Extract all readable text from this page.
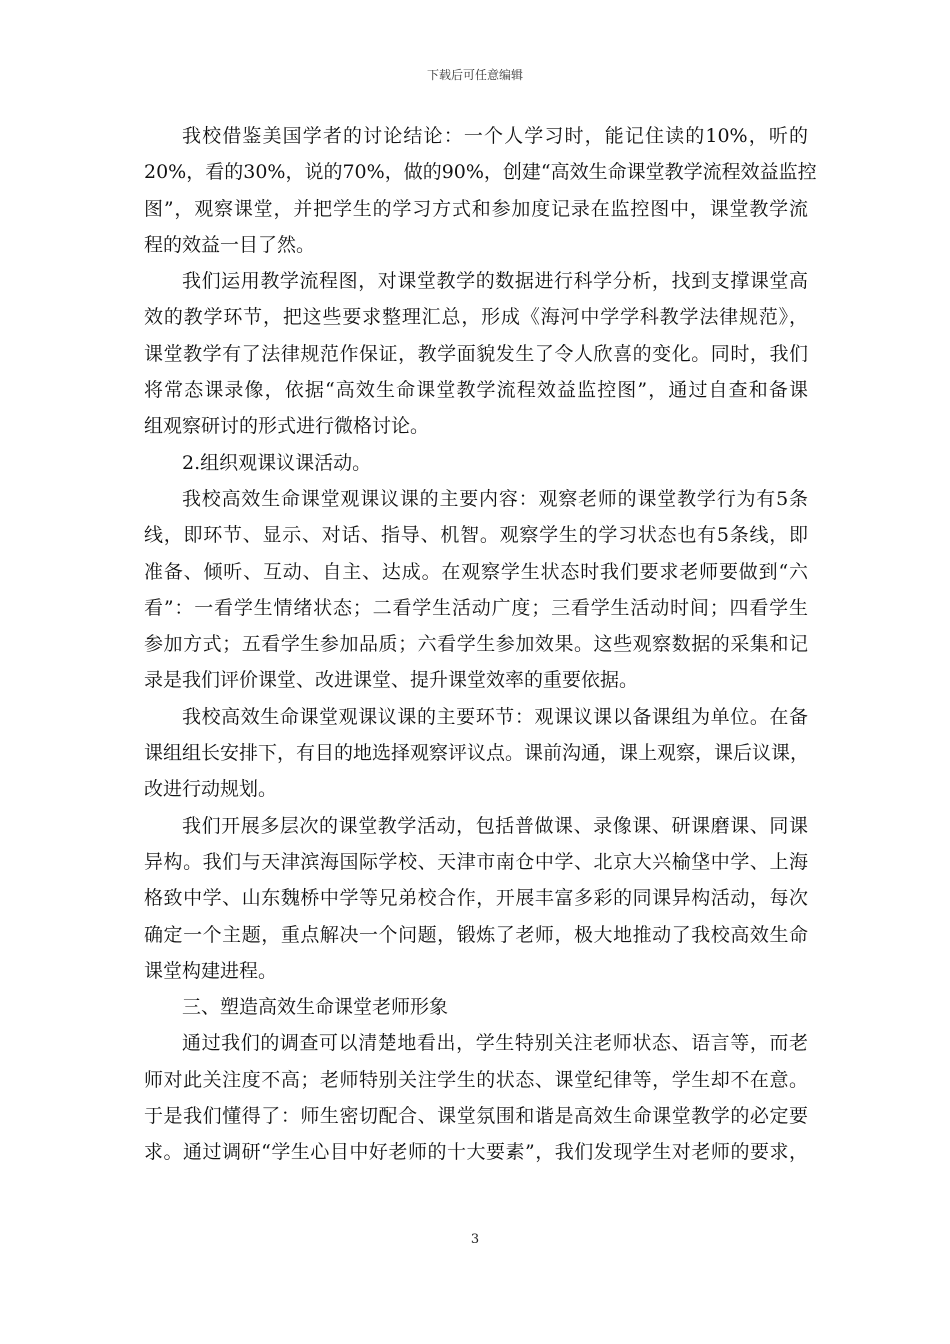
下载后可任意编辑
我校借鉴美国学者的讨论结论：一个人学习时，能记住读的10%，听的
20%，看的30%，说的70%，做的90%，创建“高效生命课堂教学流程效益监控
图”，观察课堂，并把学生的学习方式和参加度记录在监控图中，课堂教学流
程的效益一目了然。
我们运用教学流程图，对课堂教学的数据进行科学分析，找到支撑课堂高
效的教学环节，把这些要求整理汇总，形成《海河中学学科教学法律规范》，
课堂教学有了法律规范作保证，教学面貌发生了令人欣喜的变化。同时，我们
将常态课录像，依据“高效生命课堂教学流程效益监控图”，通过自查和备课
组观察研讨的形式进行微格讨论。
2.组织观课议课活动。
我校高效生命课堂观课议课的主要内容：观察老师的课堂教学行为有5条
线，即环节、显示、对话、指导、机智。观察学生的学习状态也有5条线，即
准备、倾听、互动、自主、达成。在观察学生状态时我们要求老师要做到“六
看”：一看学生情绪状态；二看学生活动广度；三看学生活动时间；四看学生
参加方式；五看学生参加品质；六看学生参加效果。这些观察数据的采集和记
录是我们评价课堂、改进课堂、提升课堂效率的重要依据。
我校高效生命课堂观课议课的主要环节：观课议课以备课组为单位。在备
课组组长安排下，有目的地选择观察评议点。课前沟通，课上观察，课后议课，
改进行动规划。
我们开展多层次的课堂教学活动，包括普做课、录像课、研课磨课、同课
异构。我们与天津滨海国际学校、天津市南仓中学、北京大兴榆垡中学、上海
格致中学、山东魏桥中学等兄弟校合作，开展丰富多彩的同课异构活动，每次
确定一个主题，重点解决一个问题，锻炼了老师，极大地推动了我校高效生命
课堂构建进程。
三、塑造高效生命课堂老师形象
通过我们的调查可以清楚地看出，学生特别关注老师状态、语言等，而老
师对此关注度不高；老师特别关注学生的状态、课堂纪律等，学生却不在意。
于是我们懂得了：师生密切配合、课堂氛围和谐是高效生命课堂教学的必定要
求。通过调研“学生心目中好老师的十大要素”，我们发现学生对老师的要求，
3
